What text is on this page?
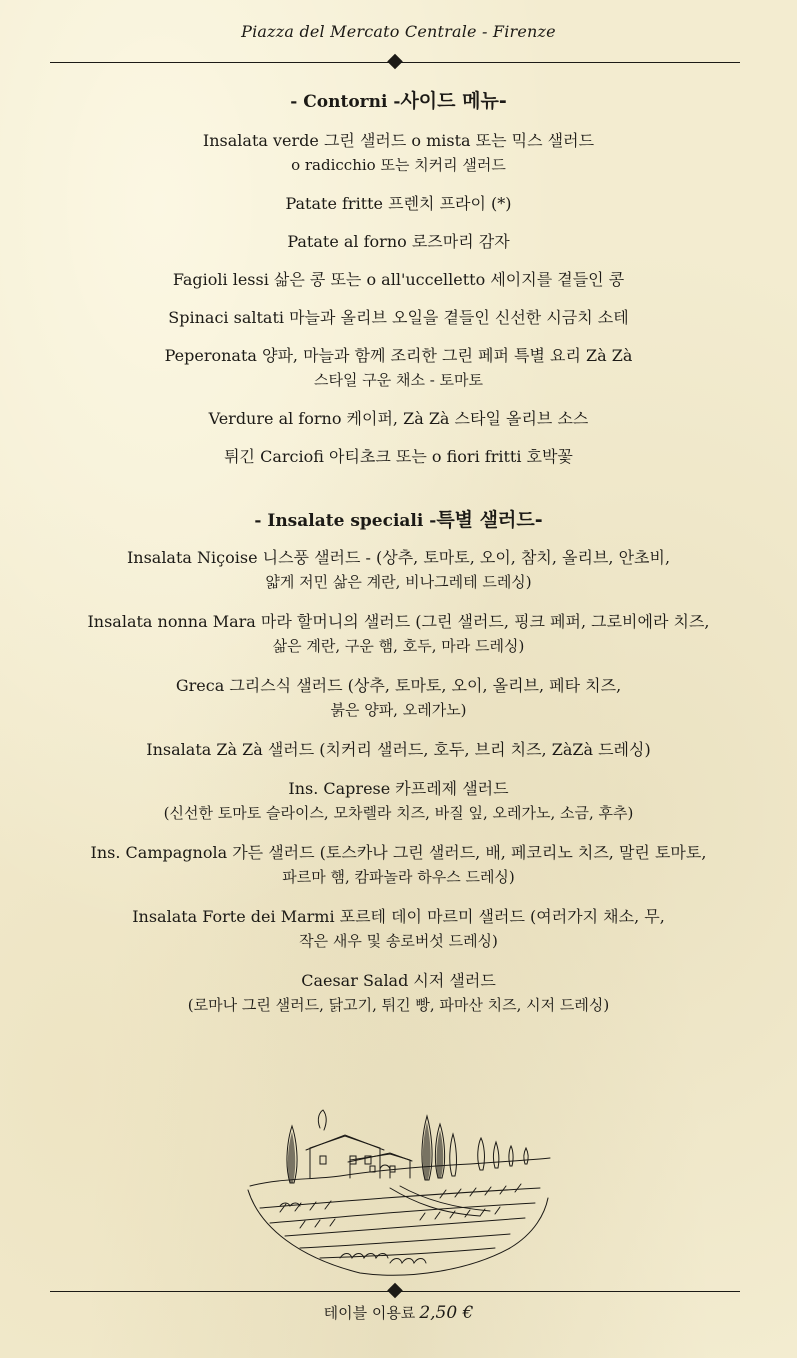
Piazza del Mercato Centrale - Firenze
- Contorni -사이드 메뉴-
Insalata verde 그린 샐러드 o mista 또는 믹스 샐러드
o radicchio 또는 치커리 샐러드
Patate fritte 프렌치 프라이 (*)
Patate al forno 로즈마리 감자
Fagioli lessi 삶은 콩 또는 o all'uccelletto 세이지를 곁들인 콩
Spinaci saltati 마늘과 올리브 오일을 곁들인 신선한 시금치 소테
Peperonata 양파, 마늘과 함께 조리한 그린 페퍼 특별 요리 Zà Zà
스타일 구운 채소 - 토마토
Verdure al forno 케이퍼, Zà Zà 스타일 올리브 소스
튀긴 Carciofi 아티초크 또는 o fiori fritti 호박꽃
- Insalate speciali -특별 샐러드-
Insalata Niçoise 니스풍 샐러드 - (상추, 토마토, 오이, 참치, 올리브, 안초비,
얇게 저민 삶은 계란, 비나그레테 드레싱)
Insalata nonna Mara 마라 할머니의 샐러드 (그린 샐러드, 핑크 페퍼, 그로비에라 치즈,
삶은 계란, 구운 햄, 호두, 마라 드레싱)
Greca 그리스식 샐러드 (상추, 토마토, 오이, 올리브, 페타 치즈,
붉은 양파, 오레가노)
Insalata Zà Zà 샐러드 (치커리 샐러드, 호두, 브리 치즈, ZàZà 드레싱)
Ins. Caprese 카프레제 샐러드
(신선한 토마토 슬라이스, 모차렐라 치즈, 바질 잎, 오레가노, 소금, 후추)
Ins. Campagnola 가든 샐러드 (토스카나 그린 샐러드, 배, 페코리노 치즈, 말린 토마토,
파르마 햄, 캄파놀라 하우스 드레싱)
Insalata Forte dei Marmi 포르테 데이 마르미 샐러드 (여러가지 채소, 무,
작은 새우 및 송로버섯 드레싱)
Caesar Salad 시저 샐러드
(로마나 그린 샐러드, 닭고기, 튀긴 빵, 파마산 치즈, 시저 드레싱)
테이블 이용료 2,50 €
